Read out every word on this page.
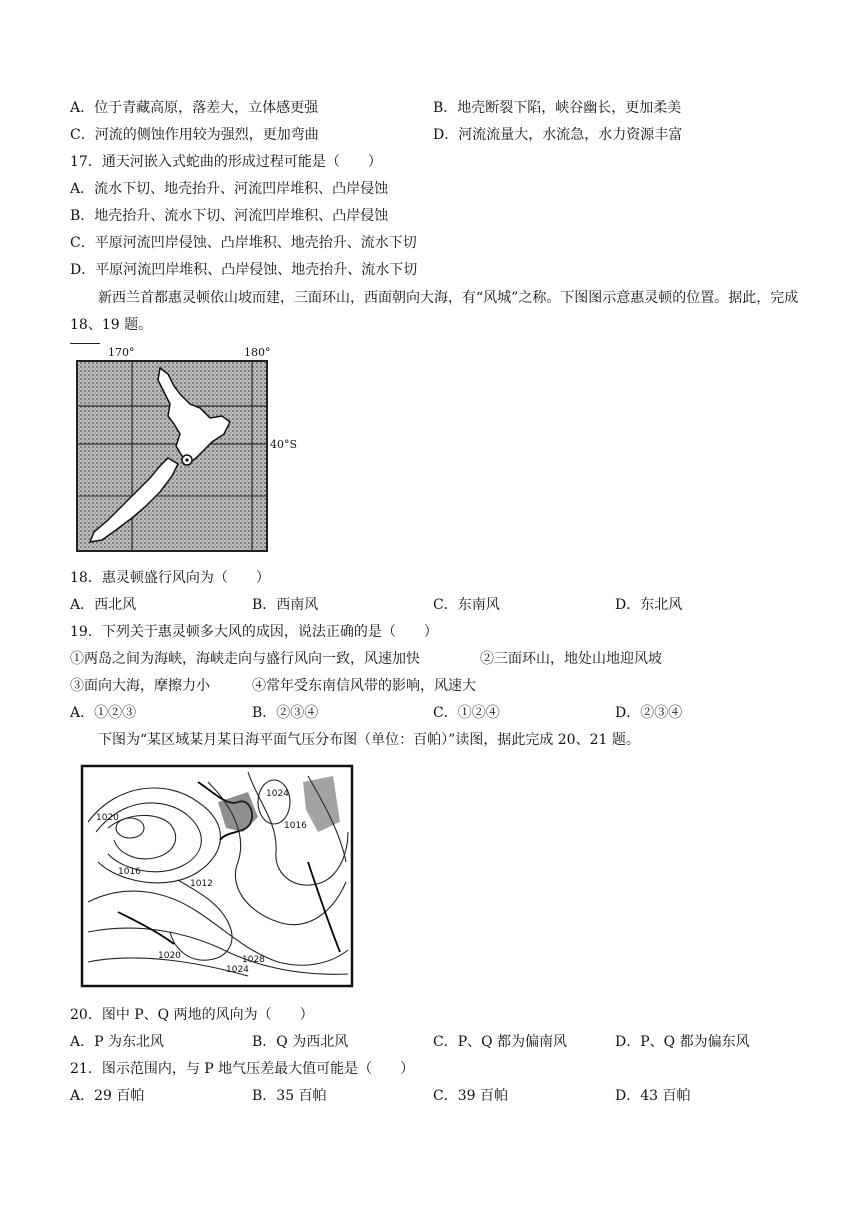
A．位于青藏高原，落差大，立体感更强	B．地壳断裂下陷，峡谷幽长，更加柔美
C．河流的侧蚀作用较为强烈，更加弯曲	D．河流流量大，水流急，水力资源丰富
17．通天河嵌入式蛇曲的形成过程可能是（　　）
A．流水下切、地壳抬升、河流凹岸堆积、凸岸侵蚀
B．地壳抬升、流水下切、河流凹岸堆积、凸岸侵蚀
C．平原河流凹岸侵蚀、凸岸堆积、地壳抬升、流水下切
D．平原河流凹岸堆积、凸岸侵蚀、地壳抬升、流水下切
新西兰首都惠灵顿依山坡而建，三面环山，西面朝向大海，有“风城”之称。下图图示意惠灵顿的位置。据此，完成 18、19 题。
170°	180°
40°S
18．惠灵顿盛行风向为（　　）
A．西北风	B．西南风	C．东南风	D．东北风
19．下列关于惠灵顿多大风的成因，说法正确的是（　　）
①两岛之间为海峡，海峡走向与盛行风向一致，风速加快	②三面环山，地处山地迎风坡
③面向大海，摩擦力小	④常年受东南信风带的影响，风速大
A．①②③	B．②③④	C．①②④	D．②③④
下图为“某区域某月某日海平面气压分布图（单位：百帕）”读图，据此完成 20、21 题。
1020
1024
1028
1024
1016
1012
1016
1020
20．图中 P、Q 两地的风向为（　　）
A．P 为东北风	B．Q 为西北风	C．P、Q 都为偏南风	D．P、Q 都为偏东风
21．图示范围内，与 P 地气压差最大值可能是（　　）
A．29 百帕	B．35 百帕	C．39 百帕	D．43 百帕
